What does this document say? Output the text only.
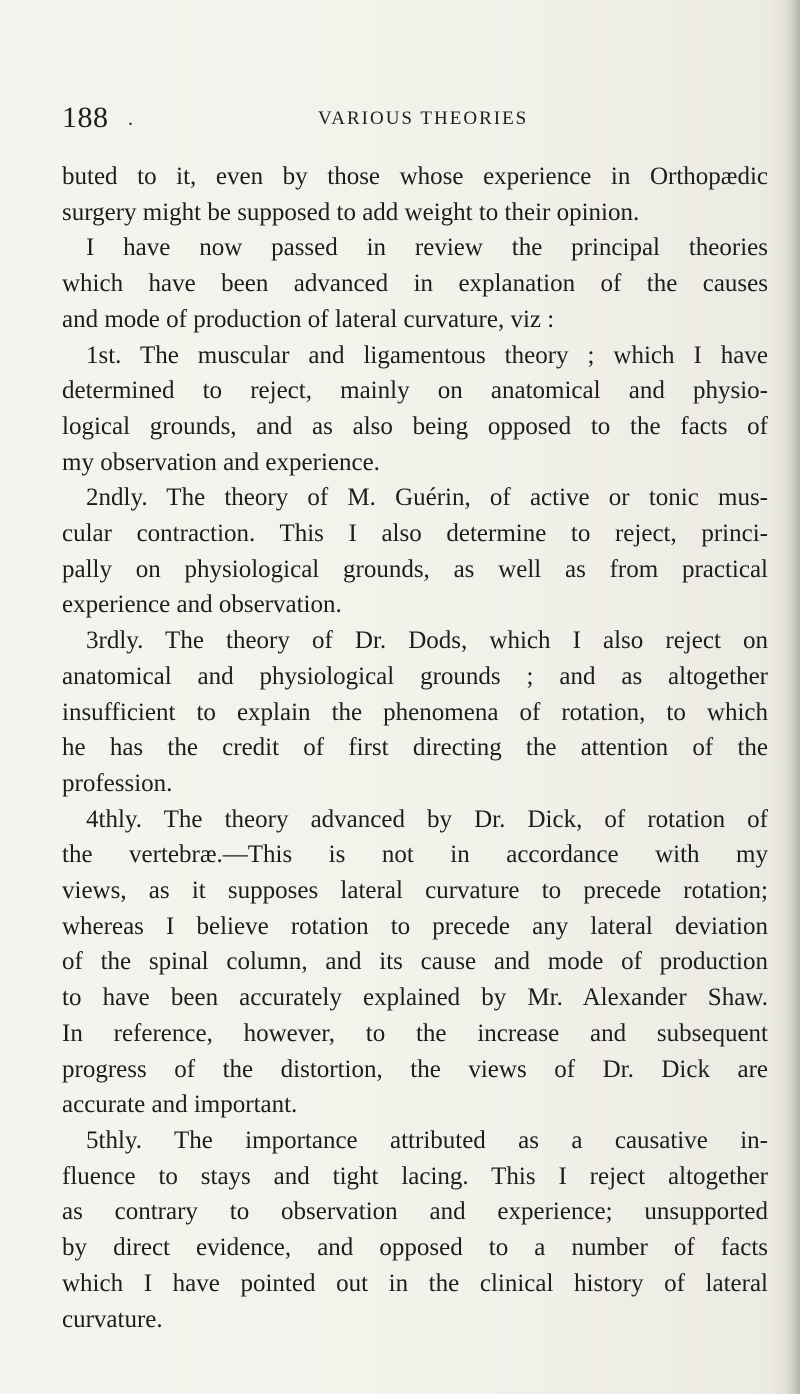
188 .	VARIOUS THEORIES
buted to it, even by those whose experience in Orthopædic
surgery might be supposed to add weight to their opinion.
I have now passed in review the principal theories
which have been advanced in explanation of the causes
and mode of production of lateral curvature, viz :
1st. The muscular and ligamentous theory ; which I have
determined to reject, mainly on anatomical and physio-
logical grounds, and as also being opposed to the facts of
my observation and experience.
2ndly. The theory of M. Guérin, of active or tonic mus-
cular contraction. This I also determine to reject, princi-
pally on physiological grounds, as well as from practical
experience and observation.
3rdly. The theory of Dr. Dods, which I also reject on
anatomical and physiological grounds ; and as altogether
insufficient to explain the phenomena of rotation, to which
he has the credit of first directing the attention of the
profession.
4thly. The theory advanced by Dr. Dick, of rotation of
the vertebræ.—This is not in accordance with my
views, as it supposes lateral curvature to precede rotation;
whereas I believe rotation to precede any lateral deviation
of the spinal column, and its cause and mode of production
to have been accurately explained by Mr. Alexander Shaw.
In reference, however, to the increase and subsequent
progress of the distortion, the views of Dr. Dick are
accurate and important.
5thly. The importance attributed as a causative in-
fluence to stays and tight lacing. This I reject altogether
as contrary to observation and experience; unsupported
by direct evidence, and opposed to a number of facts
which I have pointed out in the clinical history of lateral
curvature.
